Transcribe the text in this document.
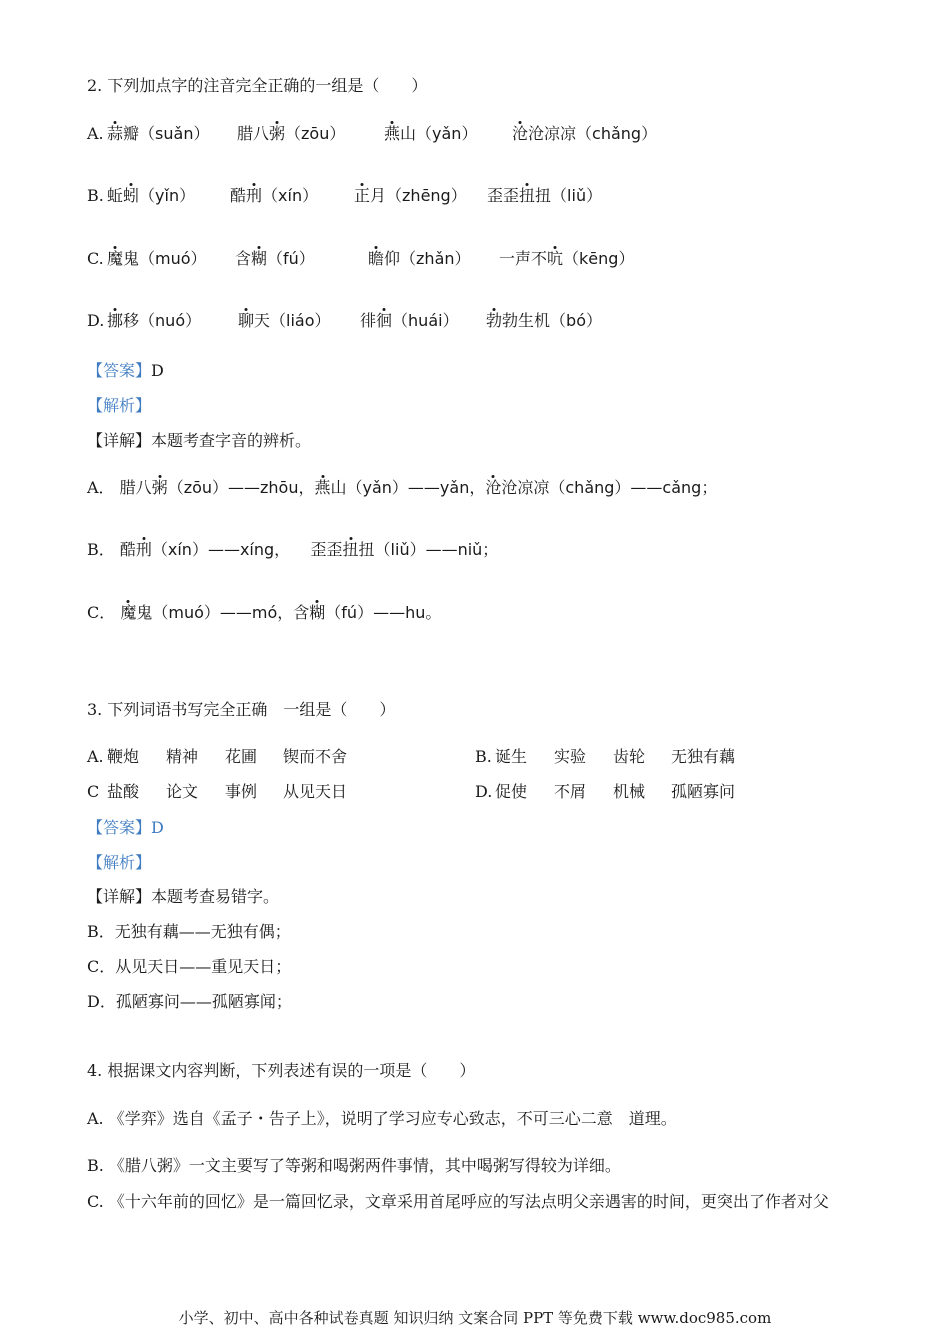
2. 下列加点字的注音完全正确的一组是（　　）
A. 蒜瓣（suǎn） 腊八粥（zōu） 燕山（yǎn） 沧沧凉凉（chǎng）
B. 蚯蚓（yǐn） 酷刑（xín） 正月（zhēng） 歪歪扭扭（liǔ）
C. 魔鬼（muó） 含糊（fú）	瞻仰（zhǎn） 一声不吭（kēng）
D. 挪移（nuó） 聊天（liáo） 徘徊（huái） 勃勃生机（bó）
【答案】D
【解析】
【详解】本题考查字音的辨析。
A． 腊八粥（zōu）——zhōu，燕山（yǎn）——yǎn，沧沧凉凉（chǎng）——cǎng；
B． 酷刑（xín）——xíng， 歪歪扭扭（liǔ）——niǔ；
C． 魔鬼（muó）——mó，含糊（fú）——hu。
3. 下列词语书写完全正确　一组是（　　）
A. 鞭炮 精神 花圃 锲而不舍	B. 诞生 实验 齿轮 无独有藕
C 盐酸 论文 事例 从见天日	D. 促使 不屑 机械 孤陋寡问
【答案】D
【解析】
【详解】本题考查易错字。
B．无独有藕——无独有偶；
C．从见天日——重见天日；
D．孤陋寡问——孤陋寡闻；
4. 根据课文内容判断，下列表述有误的一项是（　　）
A. 《学弈》选自《孟子・告子上》，说明了学习应专心致志，不可三心二意　道理。
B. 《腊八粥》一文主要写了等粥和喝粥两件事情，其中喝粥写得较为详细。
C. 《十六年前的回忆》是一篇回忆录，文章采用首尾呼应的写法点明父亲遇害的时间，更突出了作者对父
小学、初中、高中各种试卷真题 知识归纳 文案合同 PPT 等免费下载 www.doc985.com
